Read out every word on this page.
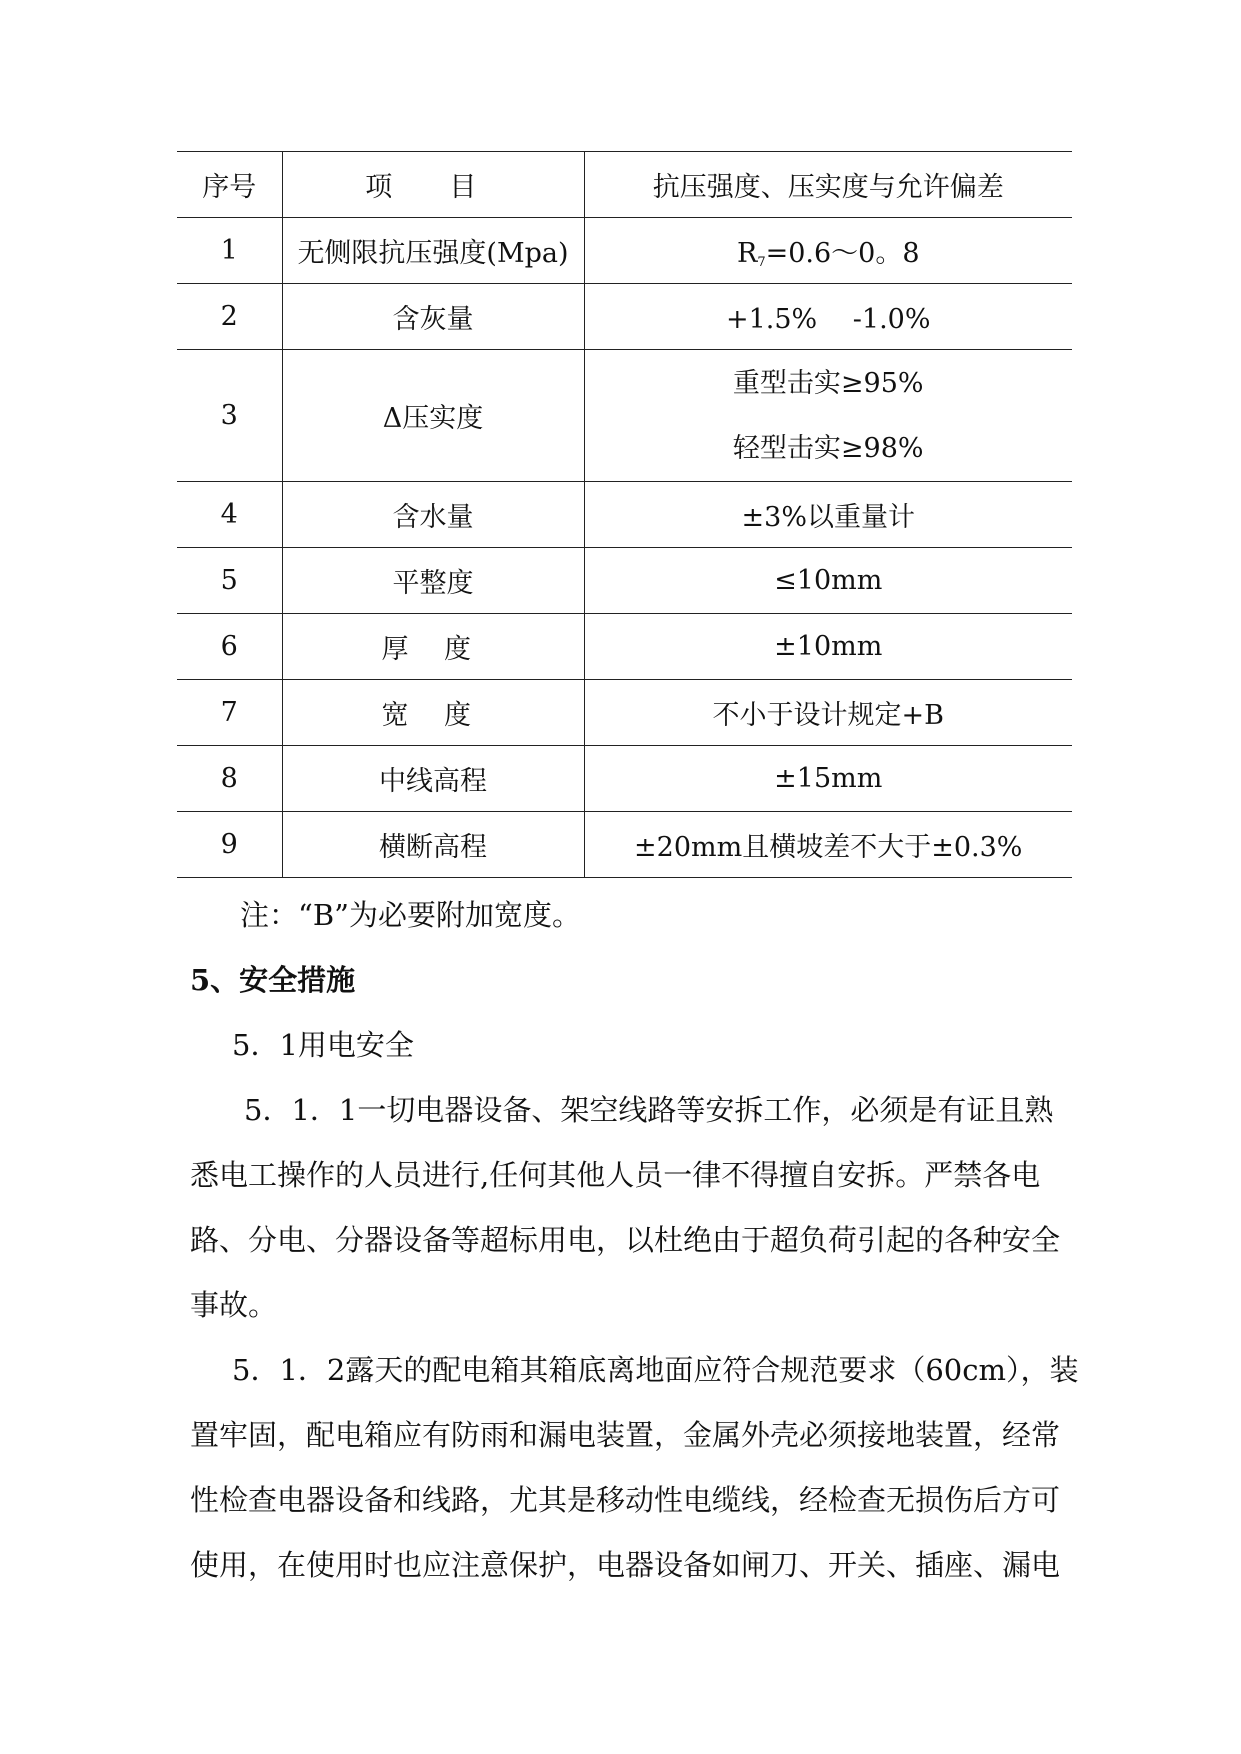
序号	项 目	抗压强度、压实度与允许偏差
1	无侧限抗压强度(Mpa)	$R_7=0.6\sim 0$。8
2	含灰量	+1.5%　 -1.0%
3	Δ压实度	重型击实≥95%
轻型击实≥98%

4	含水量	±3%以重量计
5	平整度	≤10mm
6	厚 度	±10mm
7	宽 度	不小于设计规定+B
8	中线高程	±15mm
9	横断高程	±20mm且横坡差不大于±0.3%

注：“B”为必要附加宽度。

5、安全措施

5．1用电安全

5．1．1一切电器设备、架空线路等安拆工作，必须是有证且熟

悉电工操作的人员进行,任何其他人员一律不得擅自安拆。严禁各电

路、分电、分器设备等超标用电，以杜绝由于超负荷引起的各种安全

事故。

5．1．2露天的配电箱其箱底离地面应符合规范要求（60cm），装

置牢固，配电箱应有防雨和漏电装置，金属外壳必须接地装置，经常

性检查电器设备和线路，尤其是移动性电缆线，经检查无损伤后方可

使用，在使用时也应注意保护，电器设备如闸刀、开关、插座、漏电
